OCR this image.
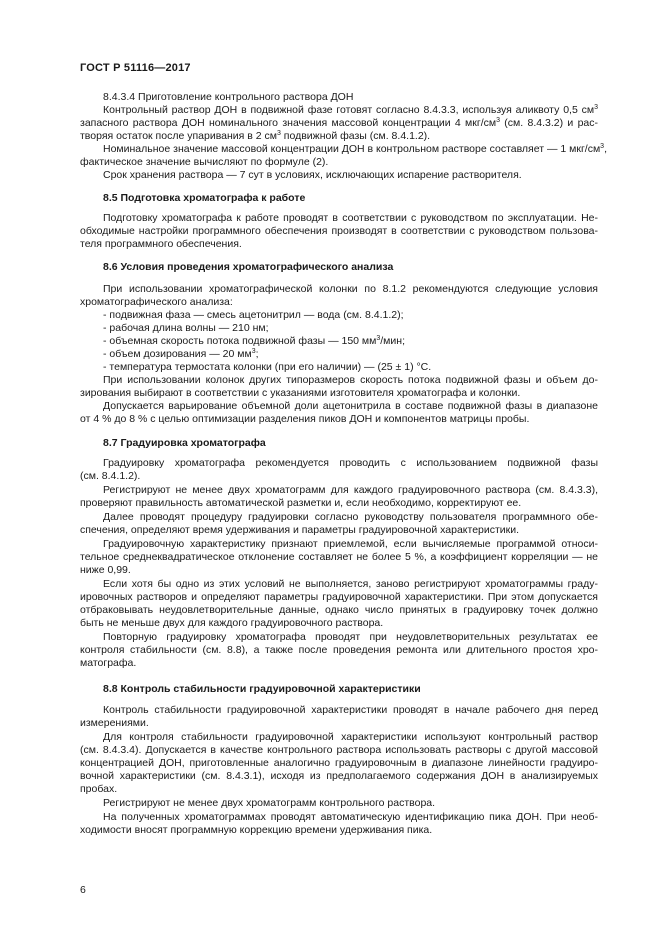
ГОСТ Р 51116—2017
8.4.3.4 Приготовление контрольного раствора ДОН
Контрольный раствор ДОН в подвижной фазе готовят согласно 8.4.3.3, используя аликвоту 0,5 $см^3$
запасного раствора ДОН номинального значения массовой концентрации 4 мкг/$см^3$ (см. 8.4.3.2) и рас-
творяя остаток после упаривания в 2 $см^3$ подвижной фазы (см. 8.4.1.2).
Номинальное значение массовой концентрации ДОН в контрольном растворе составляет — 1 мкг/$см^3$,
фактическое значение вычисляют по формуле (2).
Срок хранения раствора — 7 сут в условиях, исключающих испарение растворителя.
8.5 Подготовка хроматографа к работе
Подготовку хроматографа к работе проводят в соответствии с руководством по эксплуатации. Не-
обходимые настройки программного обеспечения производят в соответствии с руководством пользова-
теля программного обеспечения.
8.6 Условия проведения хроматографического анализа
При использовании хроматографической колонки по 8.1.2 рекомендуются следующие условия
хроматографического анализа:
- подвижная фаза — смесь ацетонитрил — вода (см. 8.4.1.2);
- рабочая длина волны — 210 нм;
- объемная скорость потока подвижной фазы — 150 $мм^3$/мин;
- объем дозирования — 20 $мм^3$;
- температура термостата колонки (при его наличии) — (25 ± 1) °С.
При использовании колонок других типоразмеров скорость потока подвижной фазы и объем до-
зирования выбирают в соответствии с указаниями изготовителя хроматографа и колонки.
Допускается варьирование объемной доли ацетонитрила в составе подвижной фазы в диапазоне
от 4 % до 8 % с целью оптимизации разделения пиков ДОН и компонентов матрицы пробы.
8.7 Градуировка хроматографа
Градуировку хроматографа рекомендуется проводить с использованием подвижной фазы
(см. 8.4.1.2).
Регистрируют не менее двух хроматограмм для каждого градуировочного раствора (см. 8.4.3.3),
проверяют правильность автоматической разметки и, если необходимо, корректируют ее.
Далее проводят процедуру градуировки согласно руководству пользователя программного обе-
спечения, определяют время удерживания и параметры градуировочной характеристики.
Градуировочную характеристику признают приемлемой, если вычисляемые программой относи-
тельное среднеквадратическое отклонение составляет не более 5 %, а коэффициент корреляции — не
ниже 0,99.
Если хотя бы одно из этих условий не выполняется, заново регистрируют хроматограммы граду-
ировочных растворов и определяют параметры градуировочной характеристики. При этом допускается
отбраковывать неудовлетворительные данные, однако число принятых в градуировку точек должно
быть не меньше двух для каждого градуировочного раствора.
Повторную градуировку хроматографа проводят при неудовлетворительных результатах ее
контроля стабильности (см. 8.8), а также после проведения ремонта или длительного простоя хро-
матографа.
8.8 Контроль стабильности градуировочной характеристики
Контроль стабильности градуировочной характеристики проводят в начале рабочего дня перед
измерениями.
Для контроля стабильности градуировочной характеристики используют контрольный раствор
(см. 8.4.3.4). Допускается в качестве контрольного раствора использовать растворы с другой массовой
концентрацией ДОН, приготовленные аналогично градуировочным в диапазоне линейности градуиро-
вочной характеристики (см. 8.4.3.1), исходя из предполагаемого содержания ДОН в анализируемых
пробах.
Регистрируют не менее двух хроматограмм контрольного раствора.
На полученных хроматограммах проводят автоматическую идентификацию пика ДОН. При необ-
ходимости вносят программную коррекцию времени удерживания пика.
6
